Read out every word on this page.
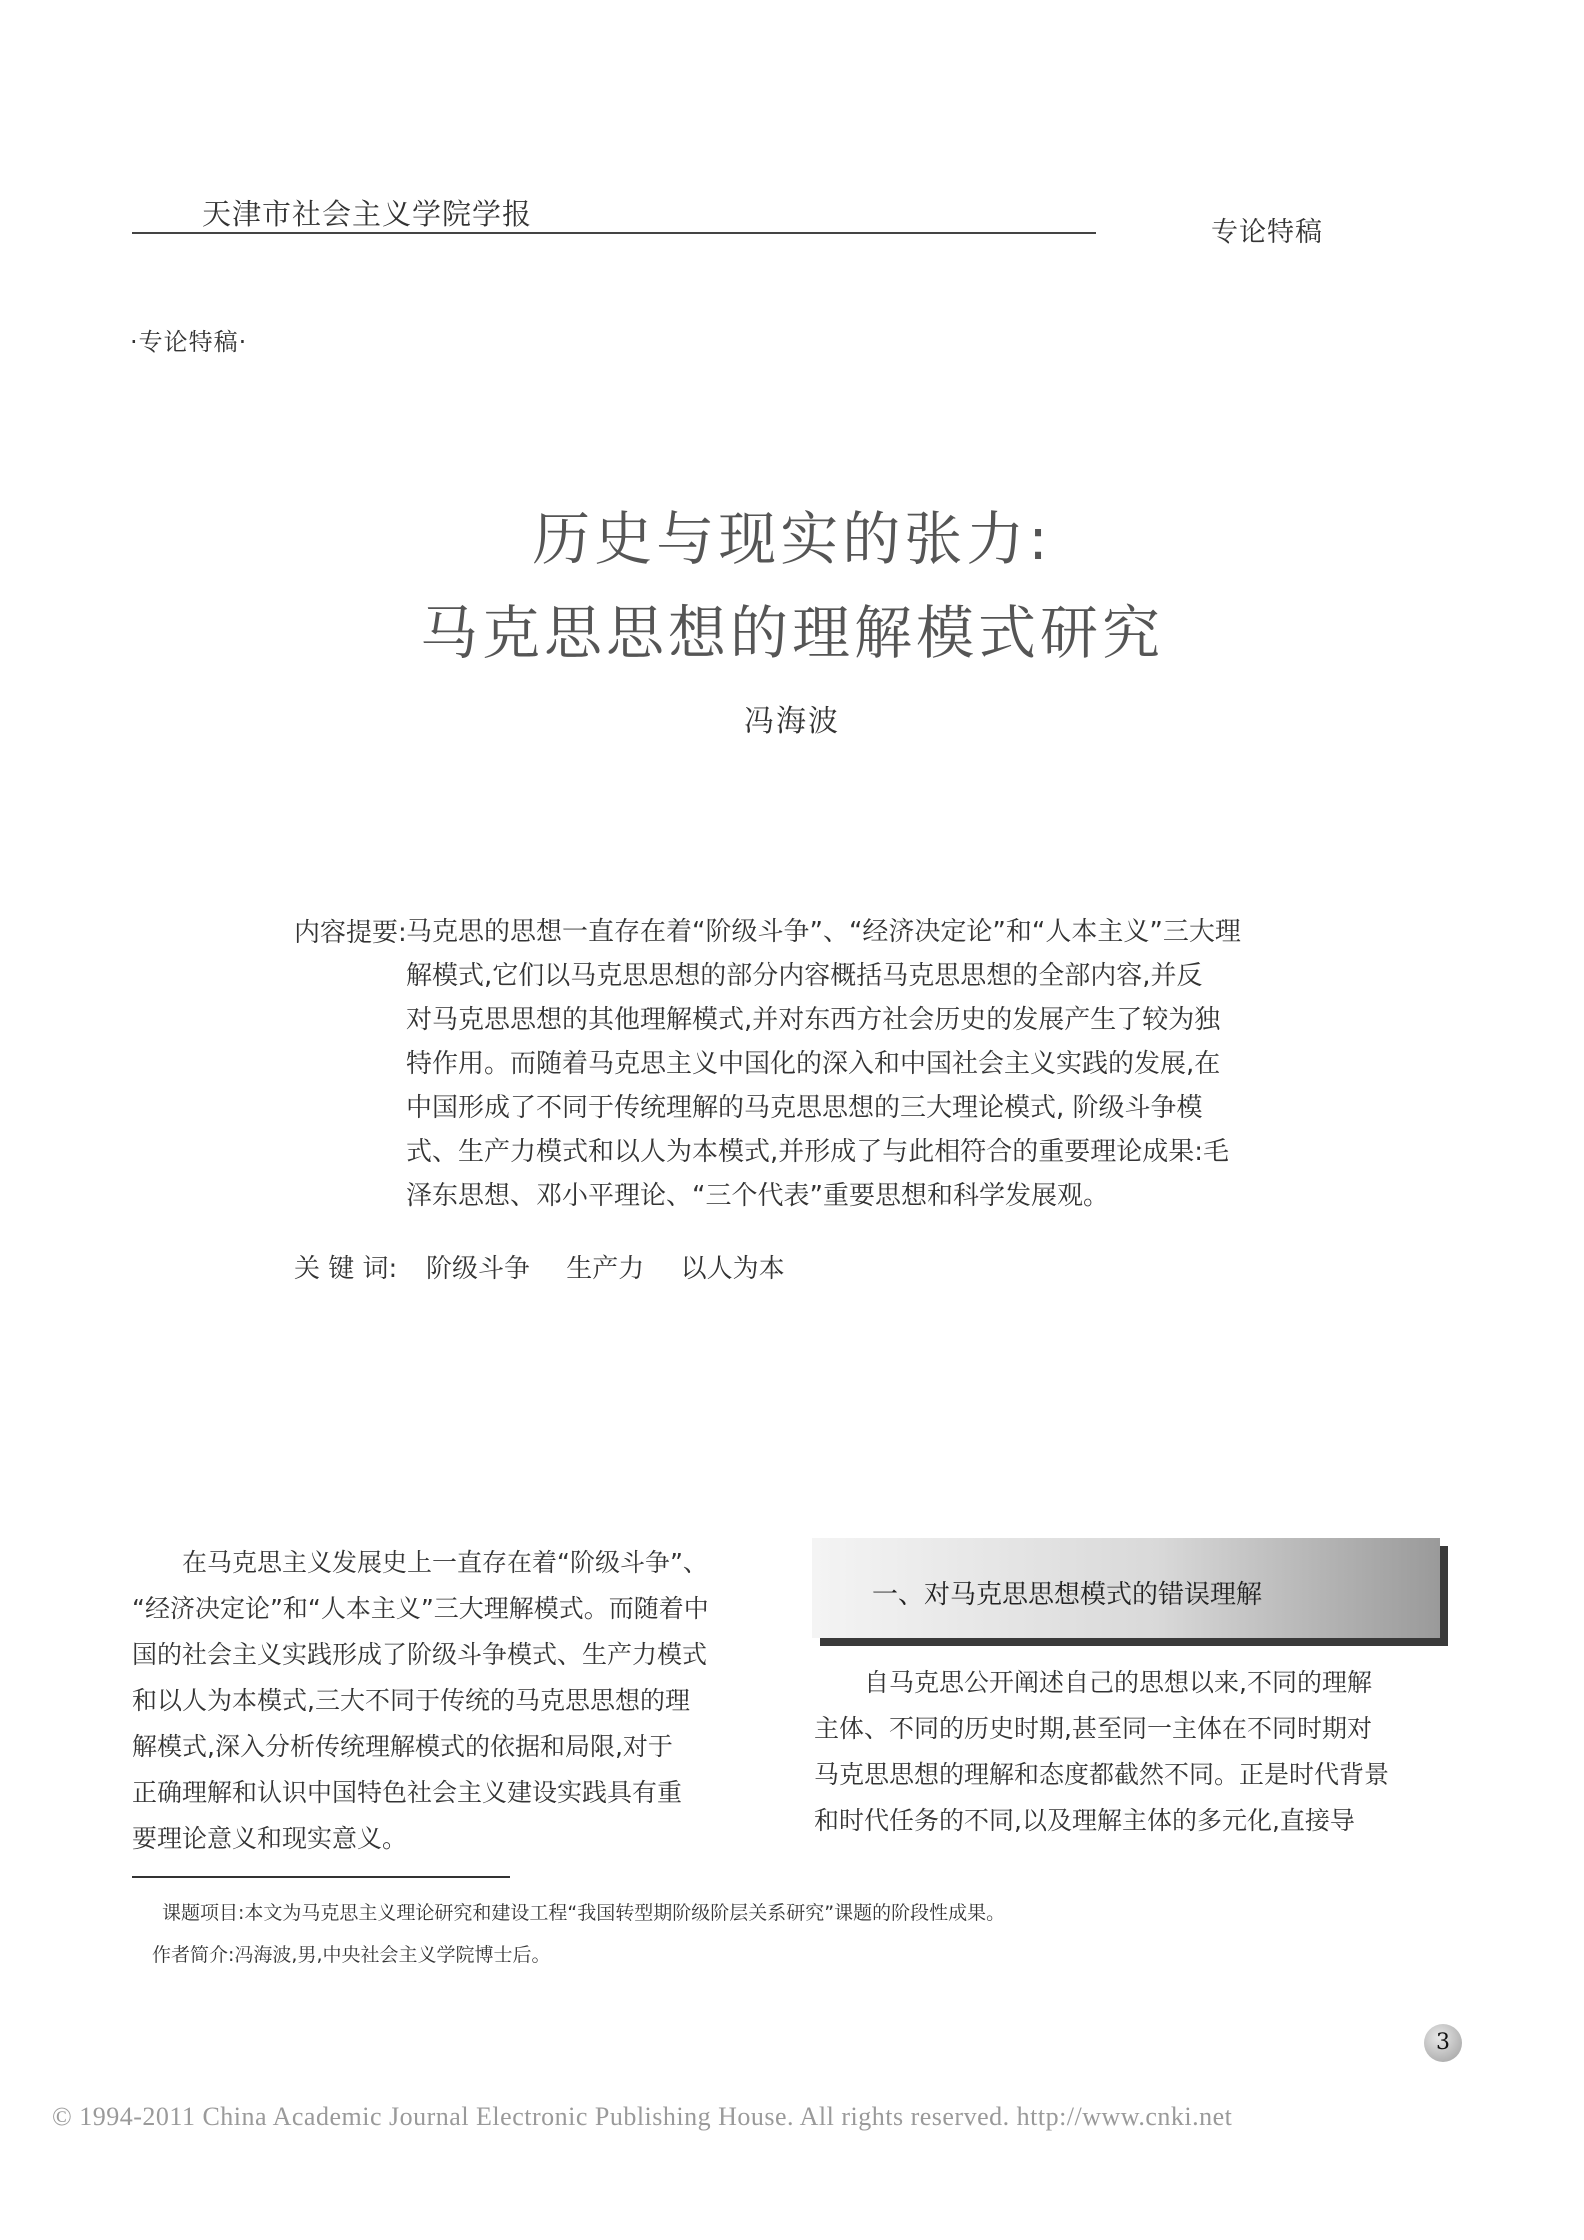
天津市社会主义学院学报
专论特稿
·专论特稿·
历史与现实的张力:
马克思思想的理解模式研究
冯海波
内容提要: 马克思的思想一直存在着“阶级斗争”、“经济决定论”和“人本主义”三大理
解模式,它们以马克思思想的部分内容概括马克思思想的全部内容,并反
对马克思思想的其他理解模式,并对东西方社会历史的发展产生了较为独
特作用。而随着马克思主义中国化的深入和中国社会主义实践的发展,在
中国形成了不同于传统理解的马克思思想的三大理论模式, 阶级斗争模
式、生产力模式和以人为本模式,并形成了与此相符合的重要理论成果:毛
泽东思想、邓小平理论、“三个代表”重要思想和科学发展观。
关 键 词: 阶级斗争 生产力 以人为本
　　在马克思主义发展史上一直存在着“阶级斗争”、
“经济决定论”和“人本主义”三大理解模式。而随着中
国的社会主义实践形成了阶级斗争模式、生产力模式
和以人为本模式,三大不同于传统的马克思思想的理
解模式,深入分析传统理解模式的依据和局限,对于
正确理解和认识中国特色社会主义建设实践具有重
要理论意义和现实意义。
一、对马克思思想模式的错误理解
　　自马克思公开阐述自己的思想以来,不同的理解
主体、不同的历史时期,甚至同一主体在不同时期对
马克思思想的理解和态度都截然不同。正是时代背景
和时代任务的不同,以及理解主体的多元化,直接导
课题项目:本文为马克思主义理论研究和建设工程“我国转型期阶级阶层关系研究”课题的阶段性成果。
作者简介:冯海波,男,中央社会主义学院博士后。
3
© 1994-2011 China Academic Journal Electronic Publishing House. All rights reserved. http://www.cnki.net
